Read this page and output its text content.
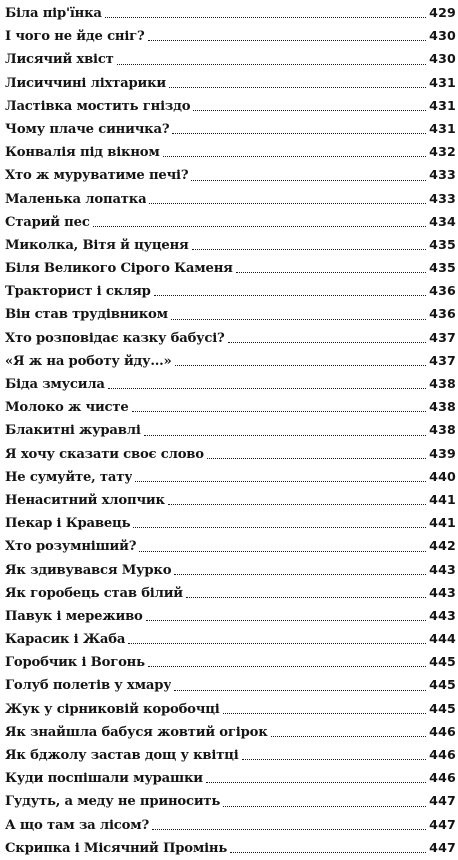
Біла пір'їнка	429
І чого не йде сніг?	430
Лисячий хвіст	430
Лисиччині ліхтарики	431
Ластівка мостить гніздо	431
Чому плаче синичка?	431
Конвалія під вікном	432
Хто ж муруватиме печі?	433
Маленька лопатка	433
Старий пес	434
Миколка, Вітя й цуценя	435
Біля Великого Сірого Каменя	435
Тракторист і скляр	436
Він став трудівником	436
Хто розповідає казку бабусі?	437
«Я ж на роботу йду...»	437
Біда змусила	438
Молоко ж чисте	438
Блакитні журавлі	438
Я хочу сказати своє слово	439
Не сумуйте, тату	440
Ненаситний хлопчик	441
Пекар і Кравець	441
Хто розумніший?	442
Як здивувався Мурко	443
Як горобець став білий	443
Павук і мереживо	443
Карасик і Жаба	444
Горобчик і Вогонь	445
Голуб полетів у хмару	445
Жук у сірниковій коробочці	445
Як знайшла бабуся жовтий огірок	446
Як бджолу застав дощ у квітці	446
Куди поспішали мурашки	446
Гудуть, а меду не приносить	447
А що там за лісом?	447
Скрипка і Місячний Промінь	447
